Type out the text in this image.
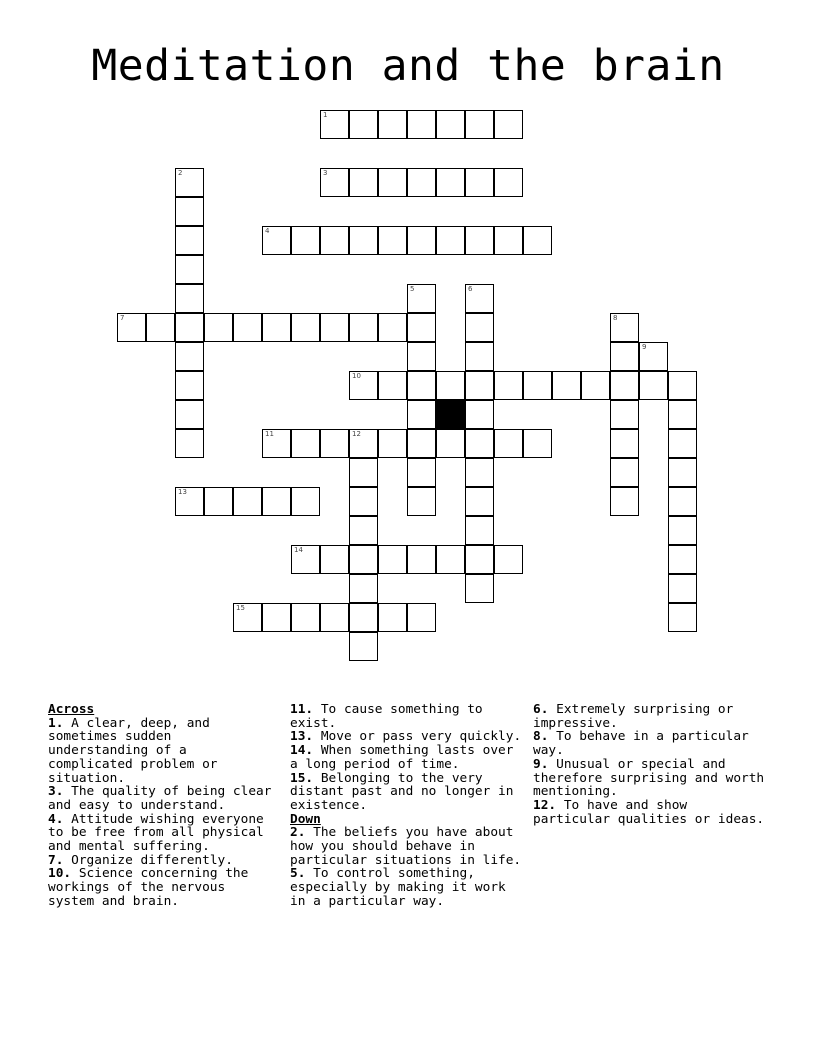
Meditation and the brain
1
2	3
4
5	6
7	8
9
10
11	12
13
14
15
Across
1. A clear, deep, and sometimes sudden understanding of a complicated problem or situation.
3. The quality of being clear and easy to understand.
4. Attitude wishing everyone to be free from all physical and mental suffering.
7. Organize differently.
10. Science concerning the workings of the nervous system and brain.
11. To cause something to exist.
13. Move or pass very quickly.
14. When something lasts over a long period of time.
15. Belonging to the very distant past and no longer in existence.
Down
2. The beliefs you have about how you should behave in particular situations in life.
5. To control something, especially by making it work in a particular way.
6. Extremely surprising or impressive.
8. To behave in a particular way.
9. Unusual or special and therefore surprising and worth mentioning.
12. To have and show particular qualities or ideas.
